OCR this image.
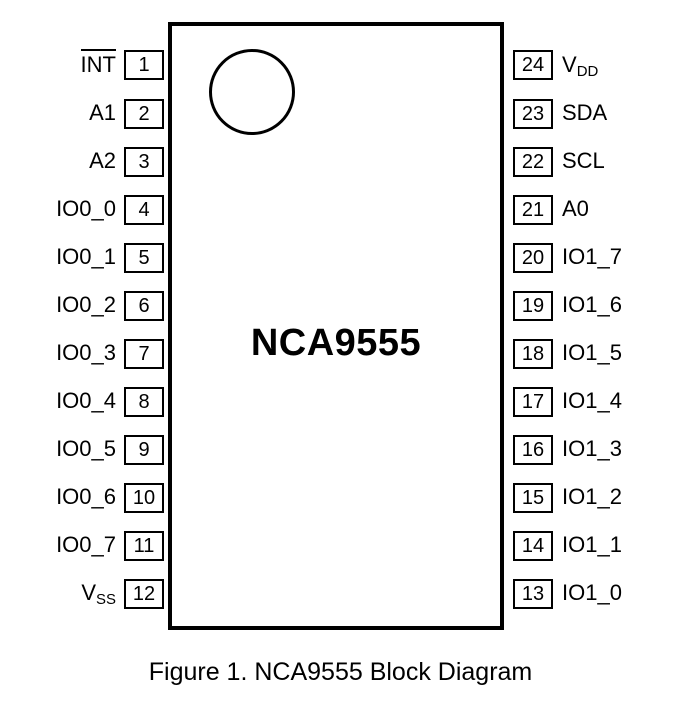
NCA9555
INT	1
A1	2
A2	3
IO0_0	4
IO0_1	5
IO0_2	6
IO0_3	7
IO0_4	8
IO0_5	9
IO0_6 10
IO0_7 11
$V_{SS}$ 12
24 $V_{DD}$
23 SDA
22 SCL
21 A0
20 IO1_7
19 IO1_6
18 IO1_5
17 IO1_4
16 IO1_3
15 IO1_2
14 IO1_1
13 IO1_0
Figure 1. NCA9555 Block Diagram
